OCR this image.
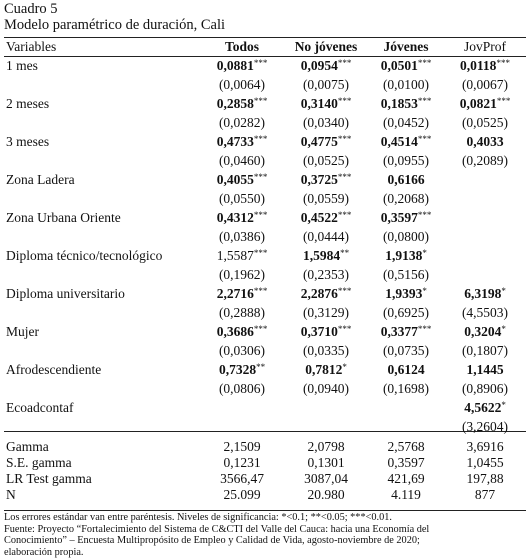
Cuadro 5
Modelo paramétrico de duración, Cali
Variables	Todos	No jóvenes	Jóvenes	JovProf
1 mes	0,0881***	0,0954***	0,0501***	0,0118***
	(0,0064)	(0,0075)	(0,0100)	(0,0067)
2 meses	0,2858***	0,3140***	0,1853***	0,0821***
	(0,0282)	(0,0340)	(0,0452)	(0,0525)
3 meses	0,4733***	0,4775***	0,4514***	0,4033
	(0,0460)	(0,0525)	(0,0955)	(0,2089)
Zona Ladera	0,4055***	0,3725***	0,6166	
	(0,0550)	(0,0559)	(0,2068)	
Zona Urbana Oriente	0,4312***	0,4522***	0,3597***	
	(0,0386)	(0,0444)	(0,0800)	
Diploma técnico/tecnológico	1,5587***	1,5984**	1,9138*	
	(0,1962)	(0,2353)	(0,5156)	
Diploma universitario	2,2716***	2,2876***	1,9393*	6,3198*
	(0,2888)	(0,3129)	(0,6925)	(4,5503)
Mujer	0,3686***	0,3710***	0,3377***	0,3204*
	(0,0306)	(0,0335)	(0,0735)	(0,1807)
Afrodescendiente	0,7328**	0,7812*	0,6124	1,1445
	(0,0806)	(0,0940)	(0,1698)	(0,8906)
Ecoadcontaf				4,5622*
				(3,2604)

Gamma	2,1509	2,0798	2,5768	3,6916
S.E. gamma	0,1231	0,1301	0,3597	1,0455
LR Test gamma	3566,47	3087,04	421,69	197,88
N	25.099	20.980	4.119	877
Los errores estándar van entre paréntesis. Niveles de significancia: *<0.1; **<0.05; ***<0.01.
Fuente: Proyecto “Fortalecimiento del Sistema de C&CTI del Valle del Cauca: hacia una Economía del
Conocimiento” – Encuesta Multipropósito de Empleo y Calidad de Vida, agosto-noviembre de 2020;
elaboración propia.
